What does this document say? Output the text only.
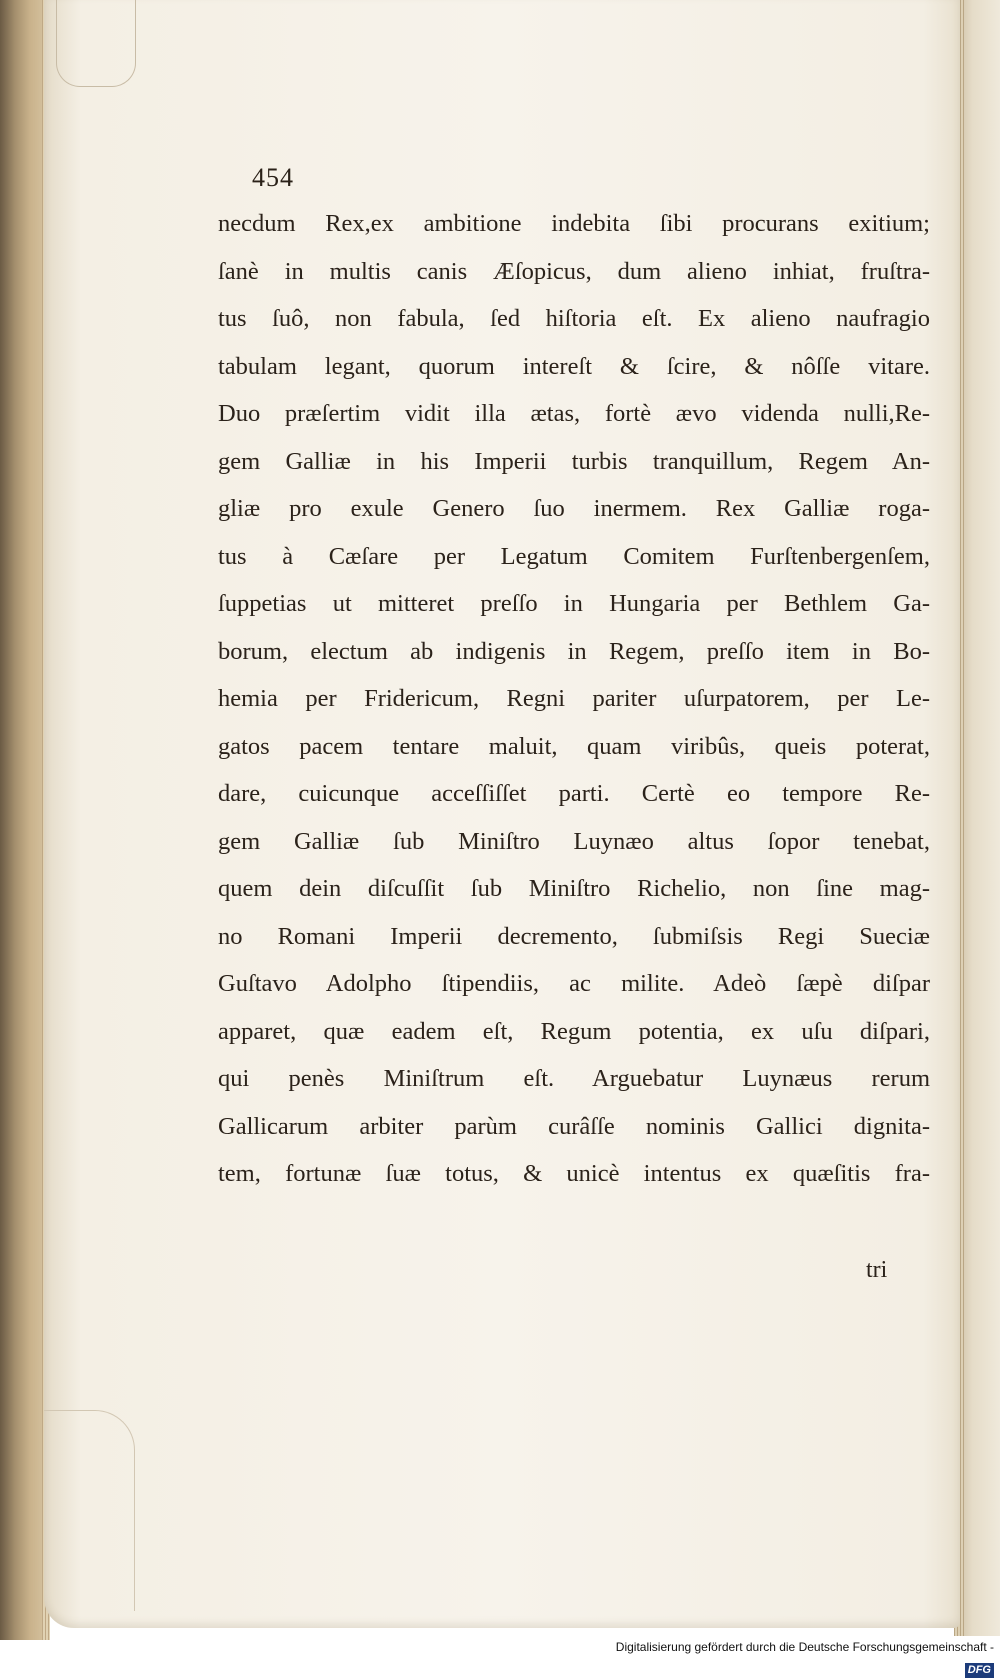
454
necdum Rex,ex ambitione indebita ſibi procurans exitium;
ſanè in multis canis Æſopicus, dum alieno inhiat, fruſtra-
tus ſuô, non fabula, ſed hiſtoria eſt. Ex alieno naufragio
tabulam legant, quorum intereſt & ſcire, & nôſſe vitare.
Duo præſertim vidit illa ætas, fortè ævo videnda nulli,Re-
gem Galliæ in his Imperii turbis tranquillum, Regem An-
gliæ pro exule Genero ſuo inermem. Rex Galliæ roga-
tus à Cæſare per Legatum Comitem Furſtenbergenſem,
ſuppetias ut mitteret preſſo in Hungaria per Bethlem Ga-
borum, electum ab indigenis in Regem, preſſo item in Bo-
hemia per Fridericum, Regni pariter uſurpatorem, per Le-
gatos pacem tentare maluit, quam viribûs, queis poterat,
dare, cuicunque acceſſiſſet parti. Certè eo tempore Re-
gem Galliæ ſub Miniſtro Luynæo altus ſopor tenebat,
quem dein diſcuſſit ſub Miniſtro Richelio, non ſine mag-
no Romani Imperii decremento, ſubmiſsis Regi Sueciæ
Guſtavo Adolpho ſtipendiis, ac milite. Adeò ſæpè diſpar
apparet, quæ eadem eſt, Regum potentia, ex uſu diſpari,
qui penès Miniſtrum eſt. Arguebatur Luynæus rerum
Gallicarum arbiter parùm curâſſe nominis Gallici dignita-
tem, fortunæ ſuæ totus, & unicè intentus ex quæſitis fra-
tri
Digitalisierung gefördert durch die Deutsche Forschungsgemeinschaft -DFG
